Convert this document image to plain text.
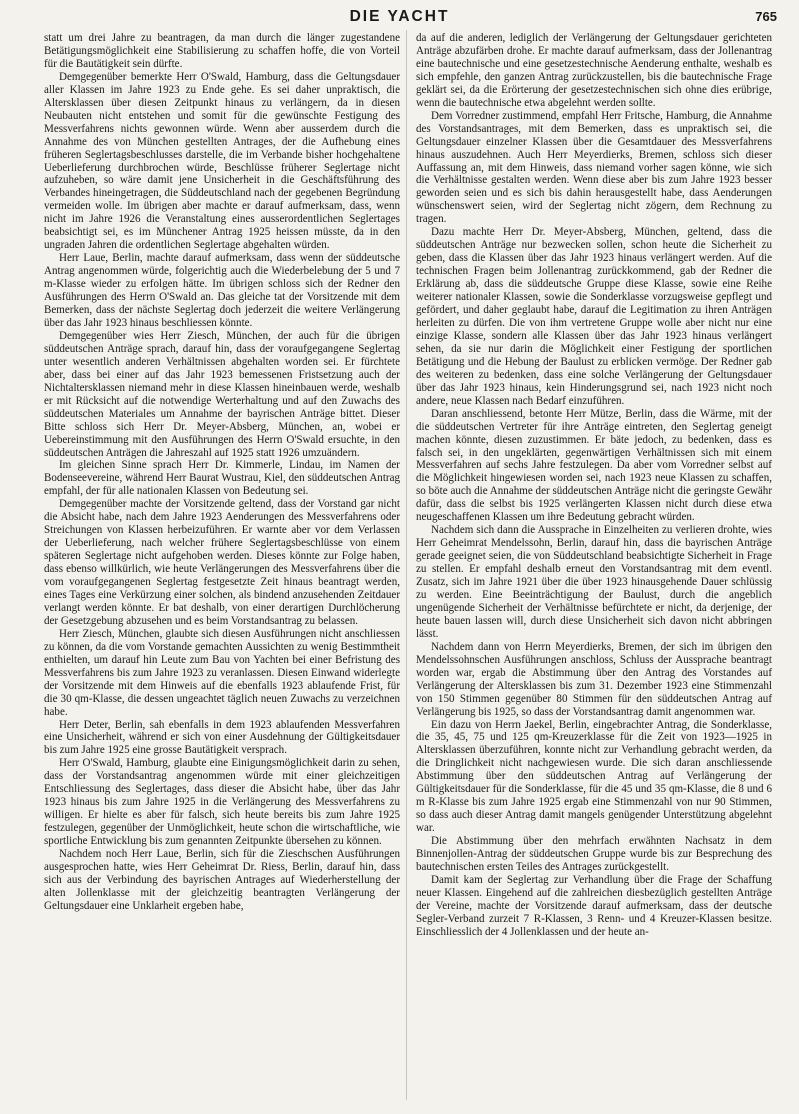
DIE YACHT	765

statt um drei Jahre zu beantragen, da man durch die länger zugestandene Betätigungsmöglichkeit eine Stabilisierung zu schaffen hoffe, die von Vorteil für die Bautätigkeit sein dürfte.

Demgegenüber bemerkte Herr O'Swald, Hamburg, dass die Geltungsdauer aller Klassen im Jahre 1923 zu Ende gehe. Es sei daher unpraktisch, die Altersklassen über diesen Zeitpunkt hinaus zu verlängern, da in diesen Neubauten nicht entstehen und somit für die gewünschte Festigung des Messverfahrens nichts gewonnen würde. Wenn aber ausserdem durch die Annahme des von München gestellten Antrages, der die Aufhebung eines früheren Seglertagsbeschlusses darstelle, die im Verbande bisher hochgehaltene Ueberlieferung durchbrochen würde, Beschlüsse früherer Seglertage nicht aufzuheben, so wäre damit jene Unsicherheit in die Geschäftsführung des Verbandes hineingetragen, die Süddeutschland nach der gegebenen Begründung vermeiden wolle. Im übrigen aber machte er darauf aufmerksam, dass, wenn nicht im Jahre 1926 die Veranstaltung eines ausserordentlichen Seglertages beabsichtigt sei, es im Münchener Antrag 1925 heissen müsste, da in den ungraden Jahren die ordentlichen Seglertage abgehalten würden.

Herr Laue, Berlin, machte darauf aufmerksam, dass wenn der süddeutsche Antrag angenommen würde, folgerichtig auch die Wiederbelebung der 5 und 7 m-Klasse wieder zu erfolgen hätte. Im übrigen schloss sich der Redner den Ausführungen des Herrn O'Swald an. Das gleiche tat der Vorsitzende mit dem Bemerken, dass der nächste Seglertag doch jederzeit die weitere Verlängerung über das Jahr 1923 hinaus beschliessen könnte.

Demgegenüber wies Herr Ziesch, München, der auch für die übrigen süddeutschen Anträge sprach, darauf hin, dass der voraufgegangene Seglertag unter wesentlich anderen Verhältnissen abgehalten worden sei. Er fürchtete aber, dass bei einer auf das Jahr 1923 bemessenen Fristsetzung auch der Nichtaltersklassen niemand mehr in diese Klassen hineinbauen werde, weshalb er mit Rücksicht auf die notwendige Werterhaltung und auf den Zuwachs des süddeutschen Materiales um Annahme der bayrischen Anträge bittet. Dieser Bitte schloss sich Herr Dr. Meyer-Absberg, München, an, wobei er Uebereinstimmung mit den Ausführungen des Herrn O'Swald ersuchte, in den süddeutschen Anträgen die Jahreszahl auf 1925 statt 1926 umzuändern.

Im gleichen Sinne sprach Herr Dr. Kimmerle, Lindau, im Namen der Bodenseevereine, während Herr Baurat Wustrau, Kiel, den süddeutschen Antrag empfahl, der für alle nationalen Klassen von Bedeutung sei.

Demgegenüber machte der Vorsitzende geltend, dass der Vorstand gar nicht die Absicht habe, nach dem Jahre 1923 Aenderungen des Messverfahrens oder Streichungen von Klassen herbeizuführen. Er warnte aber vor dem Verlassen der Ueberlieferung, nach welcher frühere Seglertagsbeschlüsse von einem späteren Seglertage nicht aufgehoben werden. Dieses könnte zur Folge haben, dass ebenso willkürlich, wie heute Verlängerungen des Messverfahrens über die vom voraufgegangenen Seglertag festgesetzte Zeit hinaus beantragt werden, eines Tages eine Verkürzung einer solchen, als bindend anzusehenden Zeitdauer verlangt werden könnte. Er bat deshalb, von einer derartigen Durchlöcherung der Gesetzgebung abzusehen und es beim Vorstandsantrag zu belassen.

Herr Ziesch, München, glaubte sich diesen Ausführungen nicht anschliessen zu können, da die vom Vorstande gemachten Aussichten zu wenig Bestimmtheit enthielten, um darauf hin Leute zum Bau von Yachten bei einer Befristung des Messverfahrens bis zum Jahre 1923 zu veranlassen. Diesen Einwand widerlegte der Vorsitzende mit dem Hinweis auf die ebenfalls 1923 ablaufende Frist, für die 30 qm-Klasse, die dessen ungeachtet täglich neuen Zuwachs zu verzeichnen habe.

Herr Deter, Berlin, sah ebenfalls in dem 1923 ablaufenden Messverfahren eine Unsicherheit, während er sich von einer Ausdehnung der Gültigkeitsdauer bis zum Jahre 1925 eine grosse Bautätigkeit versprach.

Herr O'Swald, Hamburg, glaubte eine Einigungsmöglichkeit darin zu sehen, dass der Vorstandsantrag angenommen würde mit einer gleichzeitigen Entschliessung des Seglertages, dass dieser die Absicht habe, über das Jahr 1923 hinaus bis zum Jahre 1925 in die Verlängerung des Messverfahrens zu willigen. Er hielte es aber für falsch, sich heute bereits bis zum Jahre 1925 festzulegen, gegenüber der Unmöglichkeit, heute schon die wirtschaftliche, wie sportliche Entwicklung bis zum genannten Zeitpunkte übersehen zu können.

Nachdem noch Herr Laue, Berlin, sich für die Zieschschen Ausführungen ausgesprochen hatte, wies Herr Geheimrat Dr. Riess, Berlin, darauf hin, dass sich aus der Verbindung des bayrischen Antrages auf Wiederherstellung der alten Jollenklasse mit der gleichzeitig beantragten Verlängerung der Geltungsdauer eine Unklarheit ergeben habe,

da auf die anderen, lediglich der Verlängerung der Geltungsdauer gerichteten Anträge abzufärben drohe. Er machte darauf aufmerksam, dass der Jollenantrag eine bautechnische und eine gesetzestechnische Aenderung enthalte, weshalb es sich empfehle, den ganzen Antrag zurückzustellen, bis die bautechnische Frage geklärt sei, da die Erörterung der gesetzestechnischen sich ohne dies erübrige, wenn die bautechnische etwa abgelehnt werden sollte.

Dem Vorredner zustimmend, empfahl Herr Fritsche, Hamburg, die Annahme des Vorstandsantrages, mit dem Bemerken, dass es unpraktisch sei, die Geltungsdauer einzelner Klassen über die Gesamtdauer des Messverfahrens hinaus auszudehnen. Auch Herr Meyerdierks, Bremen, schloss sich dieser Auffassung an, mit dem Hinweis, dass niemand vorher sagen könne, wie sich die Verhältnisse gestalten werden. Wenn diese aber bis zum Jahre 1923 besser geworden seien und es sich bis dahin herausgestellt habe, dass Aenderungen wünschenswert seien, wird der Seglertag nicht zögern, dem Rechnung zu tragen.

Dazu machte Herr Dr. Meyer-Absberg, München, geltend, dass die süddeutschen Anträge nur bezwecken sollen, schon heute die Sicherheit zu geben, dass die Klassen über das Jahr 1923 hinaus verlängert werden. Auf die technischen Fragen beim Jollenantrag zurückkommend, gab der Redner die Erklärung ab, dass die süddeutsche Gruppe diese Klasse, sowie eine Reihe weiterer nationaler Klassen, sowie die Sonderklasse vorzugsweise gepflegt und gefördert, und daher geglaubt habe, darauf die Legitimation zu ihren Anträgen herleiten zu dürfen. Die von ihm vertretene Gruppe wolle aber nicht nur eine einzige Klasse, sondern alle Klassen über das Jahr 1923 hinaus verlängert sehen, da sie nur darin die Möglichkeit einer Festigung der sportlichen Betätigung und die Hebung der Baulust zu erblicken vermöge. Der Redner gab des weiteren zu bedenken, dass eine solche Verlängerung der Geltungsdauer über das Jahr 1923 hinaus, kein Hinderungsgrund sei, nach 1923 nicht noch andere, neue Klassen nach Bedarf einzuführen.

Daran anschliessend, betonte Herr Mütze, Berlin, dass die Wärme, mit der die süddeutschen Vertreter für ihre Anträge eintreten, den Seglertag geneigt machen könnte, diesen zuzustimmen. Er bäte jedoch, zu bedenken, dass es falsch sei, in den ungeklärten, gegenwärtigen Verhältnissen sich mit einem Messverfahren auf sechs Jahre festzulegen. Da aber vom Vorredner selbst auf die Möglichkeit hingewiesen worden sei, nach 1923 neue Klassen zu schaffen, so böte auch die Annahme der süddeutschen Anträge nicht die geringste Gewähr dafür, dass die selbst bis 1925 verlängerten Klassen nicht durch diese etwa neugeschaffenen Klassen um ihre Bedeutung gebracht würden.

Nachdem sich dann die Aussprache in Einzelheiten zu verlieren drohte, wies Herr Geheimrat Mendelssohn, Berlin, darauf hin, dass die bayrischen Anträge gerade geeignet seien, die von Süddeutschland beabsichtigte Sicherheit in Frage zu stellen. Er empfahl deshalb erneut den Vorstandsantrag mit dem eventl. Zusatz, sich im Jahre 1921 über die über 1923 hinausgehende Dauer schlüssig zu werden. Eine Beeinträchtigung der Baulust, durch die angeblich ungenügende Sicherheit der Verhältnisse befürchtete er nicht, da derjenige, der heute bauen lassen will, durch diese Unsicherheit sich davon nicht abbringen lässt.

Nachdem dann von Herrn Meyerdierks, Bremen, der sich im übrigen den Mendelssohnschen Ausführungen anschloss, Schluss der Aussprache beantragt worden war, ergab die Abstimmung über den Antrag des Vorstandes auf Verlängerung der Altersklassen bis zum 31. Dezember 1923 eine Stimmenzahl von 150 Stimmen gegenüber 80 Stimmen für den süddeutschen Antrag auf Verlängerung bis 1925, so dass der Vorstandsantrag damit angenommen war.

Ein dazu von Herrn Jaekel, Berlin, eingebrachter Antrag, die Sonderklasse, die 35, 45, 75 und 125 qm-Kreuzerklasse für die Zeit von 1923—1925 in Altersklassen überzuführen, konnte nicht zur Verhandlung gebracht werden, da die Dringlichkeit nicht nachgewiesen wurde. Die sich daran anschliessende Abstimmung über den süddeutschen Antrag auf Verlängerung der Gültigkeitsdauer für die Sonderklasse, für die 45 und 35 qm-Klasse, die 8 und 6 m R-Klasse bis zum Jahre 1925 ergab eine Stimmenzahl von nur 90 Stimmen, so dass auch dieser Antrag damit mangels genügender Unterstützung abgelehnt war.

Die Abstimmung über den mehrfach erwähnten Nachsatz in dem Binnenjollen-Antrag der süddeutschen Gruppe wurde bis zur Besprechung des bautechnischen ersten Teiles des Antrages zurückgestellt.

Damit kam der Seglertag zur Verhandlung über die Frage der Schaffung neuer Klassen. Eingehend auf die zahlreichen diesbezüglich gestellten Anträge der Vereine, machte der Vorsitzende darauf aufmerksam, dass der deutsche Segler-Verband zurzeit 7 R-Klassen, 3 Renn- und 4 Kreuzer-Klassen besitze. Einschliesslich der 4 Jollenklassen und der heute an-
